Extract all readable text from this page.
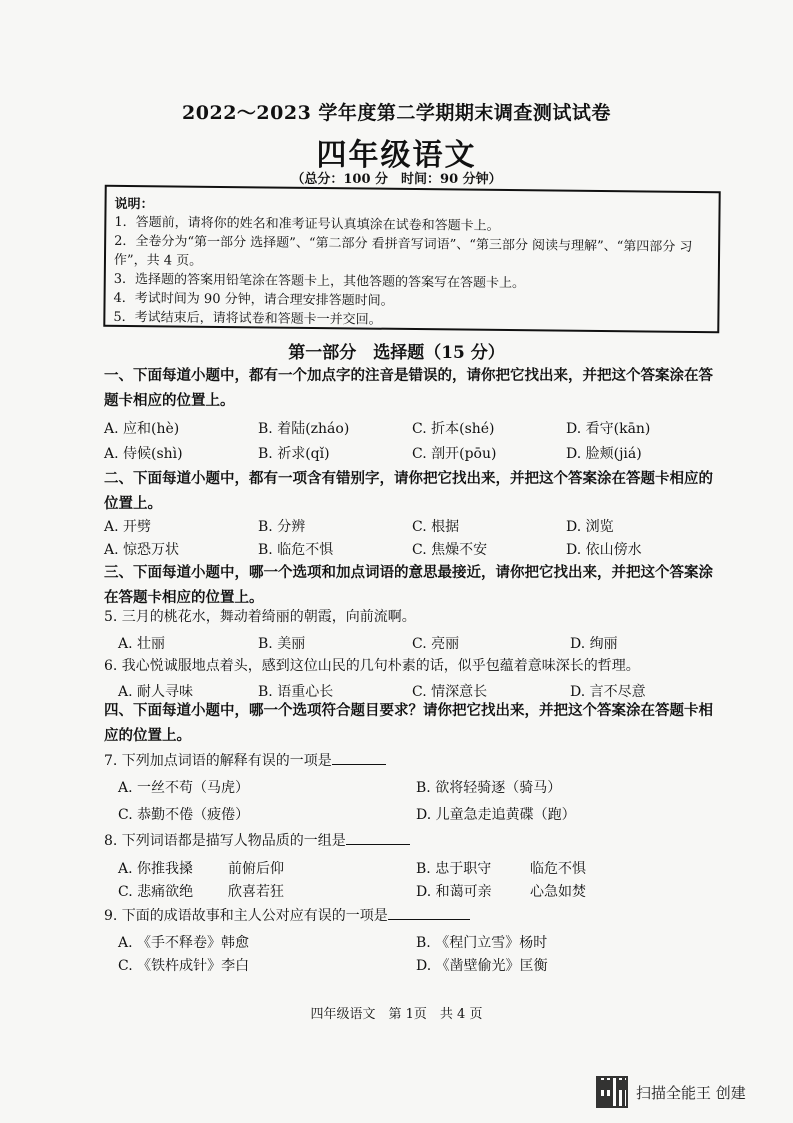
2022～2023 学年度第二学期期末调查测试试卷
四年级语文
（总分：100 分　时间：90 分钟）
说明：
1．答题前，请将你的姓名和准考证号认真填涂在试卷和答题卡上。
2．全卷分为“第一部分 选择题”、“第二部分 看拼音写词语”、“第三部分 阅读与理解”、“第四部分 习作”，共 4 页。
3．选择题的答案用铅笔涂在答题卡上，其他答题的答案写在答题卡上。
4．考试时间为 90 分钟，请合理安排答题时间。
5．考试结束后，请将试卷和答题卡一并交回。
第一部分　选择题（15 分）
一、下面每道小题中，都有一个加点字的注音是错误的，请你把它找出来，并把这个答案涂在答题卡相应的位置上。
A. 应和(hè)	B. 着陆(zháo)	C. 折本(shé)	D. 看守(kān)
A. 侍候(shì)	B. 祈求(qǐ)	C. 剖开(pōu)	D. 脸颊(jiá)
二、下面每道小题中，都有一项含有错别字，请你把它找出来，并把这个答案涂在答题卡相应的位置上。
A. 开劈	B. 分辨	C. 根据	D. 浏览
A. 惊恐万状	B. 临危不惧	C. 焦燥不安	D. 依山傍水
三、下面每道小题中，哪一个选项和加点词语的意思最接近，请你把它找出来，并把这个答案涂在答题卡相应的位置上。
5. 三月的桃花水，舞动着绮丽的朝霞，向前流啊。
A. 壮丽	B. 美丽	C. 亮丽	D. 绚丽
6. 我心悦诚服地点着头，感到这位山民的几句朴素的话，似乎包蕴着意味深长的哲理。
A. 耐人寻味	B. 语重心长	C. 情深意长	D. 言不尽意
四、下面每道小题中，哪一个选项符合题目要求？请你把它找出来，并把这个答案涂在答题卡相应的位置上。
7. 下列加点词语的解释有误的一项是
A. 一丝不苟（马虎）	B. 欲将轻骑逐（骑马）
C. 恭勤不倦（疲倦）	D. 儿童急走追黄碟（跑）
8. 下列词语都是描写人物品质的一组是
A. 你推我搡 前俯后仰	B. 忠于职守	临危不惧
C. 悲痛欲绝 欣喜若狂	D. 和蔼可亲	心急如焚
9. 下面的成语故事和主人公对应有误的一项是
A. 《手不释卷》韩愈	B. 《程门立雪》杨时
C. 《铁杵成针》李白	D. 《凿壁偷光》匡衡
四年级语文　第 1页　共 4 页
扫描全能王 创建
